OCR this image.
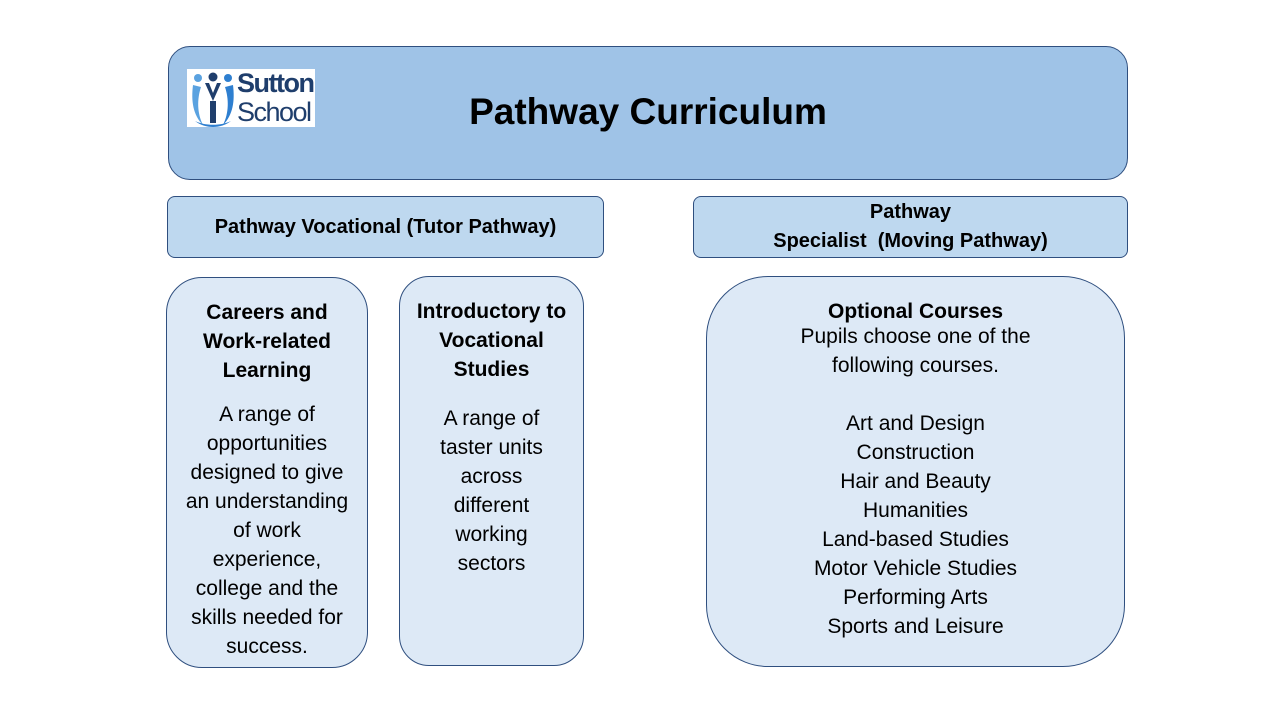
Sutton
School	Pathway Curriculum
Pathway Vocational (Tutor Pathway)
Pathway
Specialist  (Moving Pathway)
Careers and
Work-related
Learning
A range of
opportunities
designed to give
an understanding
of work
experience,
college and the
skills needed for
success.
Introductory to
Vocational
Studies
A range of
taster units
across
different
working
sectors
Optional Courses
Pupils choose one of the
following courses.
Art and Design
Construction
Hair and Beauty
Humanities
Land-based Studies
Motor Vehicle Studies
Performing Arts
Sports and Leisure
